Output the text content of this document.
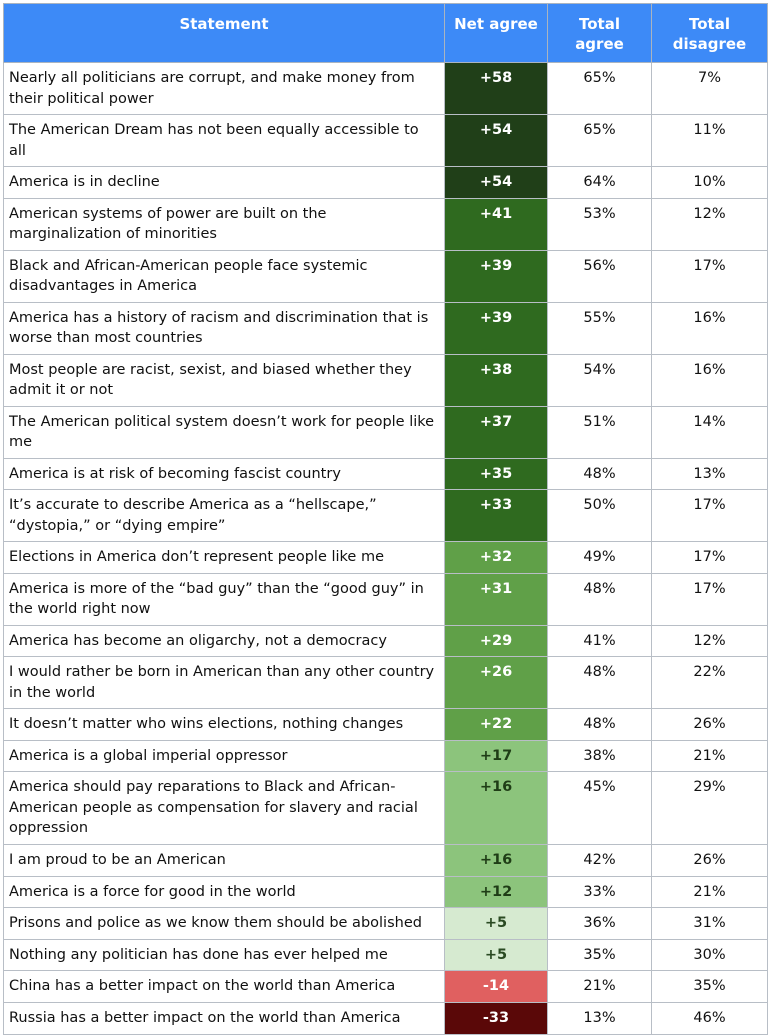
Statement	Net agree	Total agree	Total disagree
Nearly all politicians are corrupt, and make money from their political power	+58	65%	7%
The American Dream has not been equally accessible to all	+54	65%	11%
America is in decline	+54	64%	10%
American systems of power are built on the marginalization of minorities	+41	53%	12%
Black and African-American people face systemic disadvantages in America	+39	56%	17%
America has a history of racism and discrimination that is worse than most countries	+39	55%	16%
Most people are racist, sexist, and biased whether they admit it or not	+38	54%	16%
The American political system doesn’t work for people like me	+37	51%	14%
America is at risk of becoming fascist country	+35	48%	13%
It’s accurate to describe America as a “hellscape,” “dystopia,” or “dying empire”	+33	50%	17%
Elections in America don’t represent people like me	+32	49%	17%
America is more of the “bad guy” than the “good guy” in the world right now	+31	48%	17%
America has become an oligarchy, not a democracy	+29	41%	12%
I would rather be born in American than any other country in the world	+26	48%	22%
It doesn’t matter who wins elections, nothing changes	+22	48%	26%
America is a global imperial oppressor	+17	38%	21%
America should pay reparations to Black and African-American people as compensation for slavery and racial oppression	+16	45%	29%
I am proud to be an American	+16	42%	26%
America is a force for good in the world	+12	33%	21%
Prisons and police as we know them should be abolished	+5	36%	31%
Nothing any politician has done has ever helped me	+5	35%	30%
China has a better impact on the world than America	-14	21%	35%
Russia has a better impact on the world than America	-33	13%	46%
